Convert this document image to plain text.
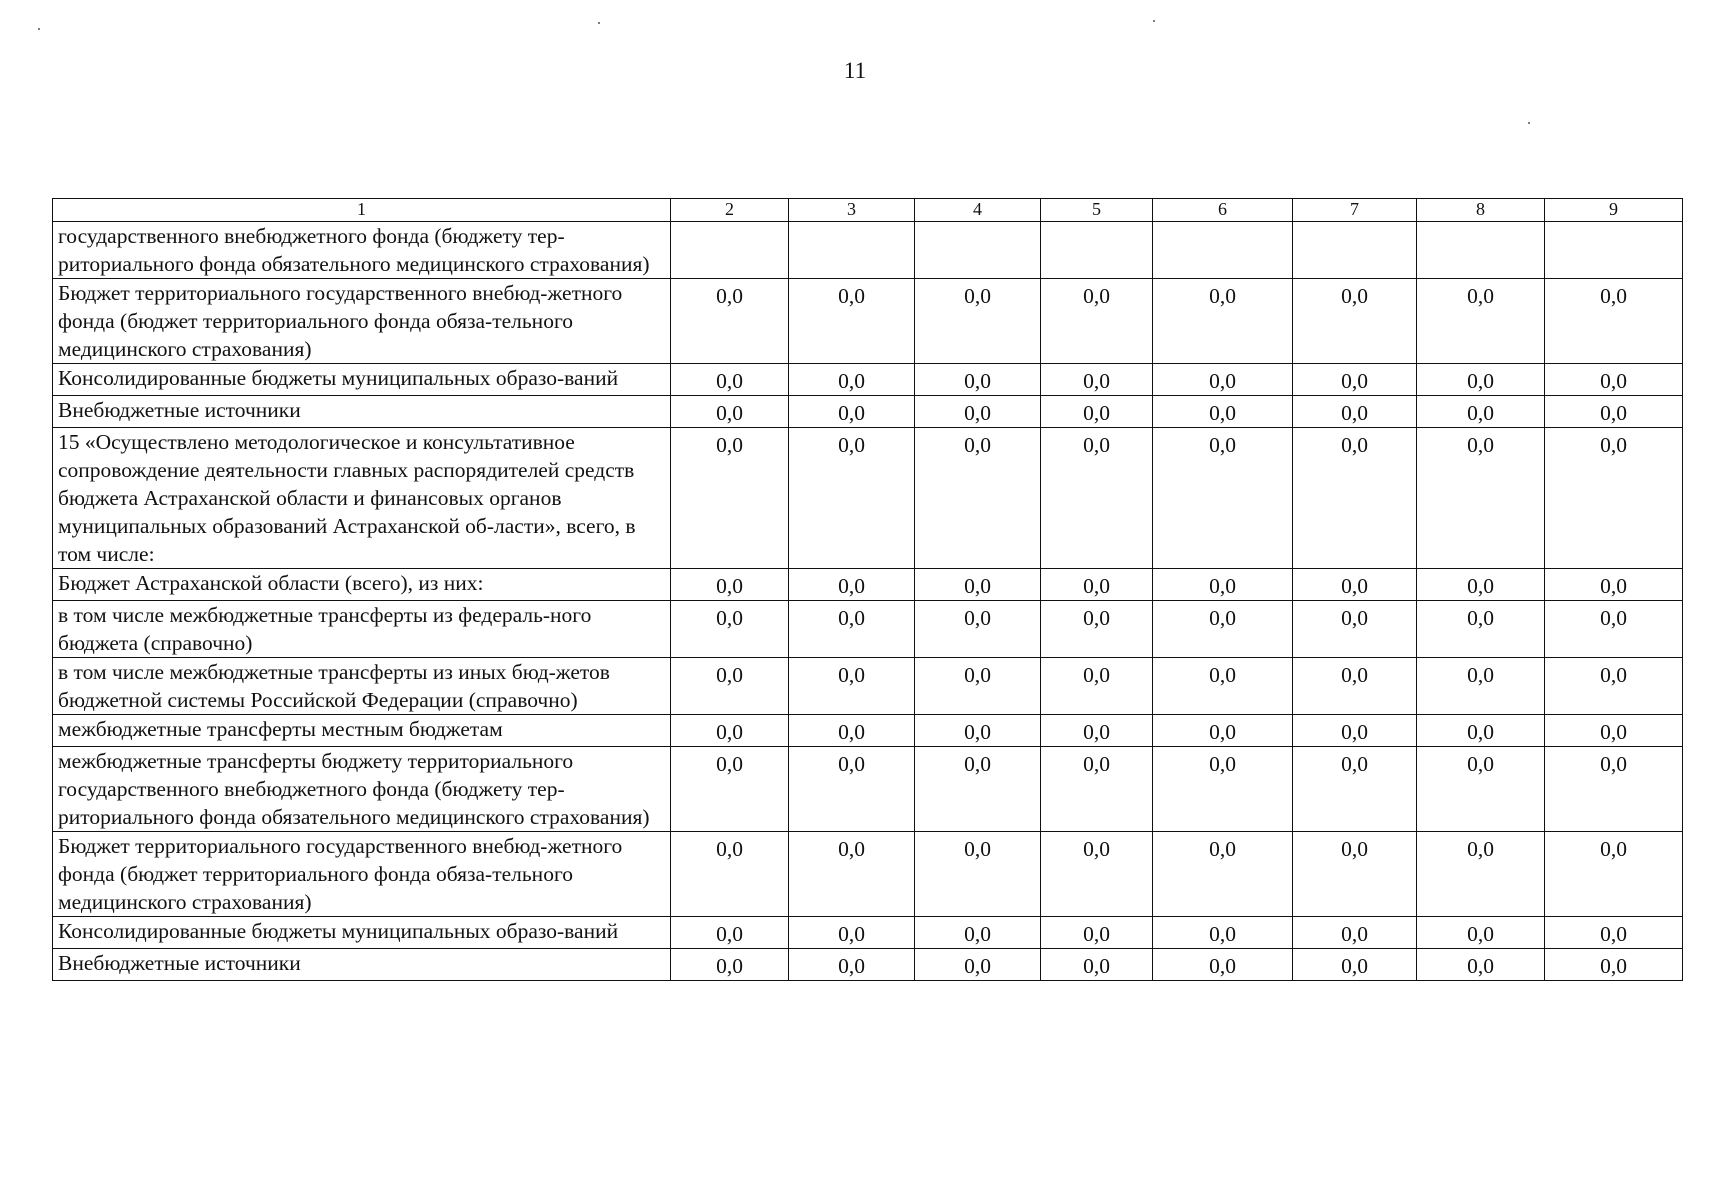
11
1	2	3	4	5	6	7	8	9
государственного внебюджетного фонда (бюджету тер-риториального фонда обязательного медицинского страхования)								
Бюджет территориального государственного внебюд-жетного фонда (бюджет территориального фонда обяза-тельного медицинского страхования)	0,0	0,0	0,0	0,0	0,0	0,0	0,0	0,0
Консолидированные бюджеты муниципальных образо-ваний	0,0	0,0	0,0	0,0	0,0	0,0	0,0	0,0
Внебюджетные источники	0,0	0,0	0,0	0,0	0,0	0,0	0,0	0,0
15 «Осуществлено методологическое и консультативное сопровождение деятельности главных распорядителей средств бюджета Астраханской области и финансовых органов муниципальных образований Астраханской об-ласти», всего, в том числе:	0,0	0,0	0,0	0,0	0,0	0,0	0,0	0,0
Бюджет Астраханской области (всего), из них:	0,0	0,0	0,0	0,0	0,0	0,0	0,0	0,0
в том числе межбюджетные трансферты из федераль-ного бюджета (справочно)	0,0	0,0	0,0	0,0	0,0	0,0	0,0	0,0
в том числе межбюджетные трансферты из иных бюд-жетов бюджетной системы Российской Федерации (справочно)	0,0	0,0	0,0	0,0	0,0	0,0	0,0	0,0
межбюджетные трансферты местным бюджетам	0,0	0,0	0,0	0,0	0,0	0,0	0,0	0,0
межбюджетные трансферты бюджету территориального государственного внебюджетного фонда (бюджету тер-риториального фонда обязательного медицинского страхования)	0,0	0,0	0,0	0,0	0,0	0,0	0,0	0,0
Бюджет территориального государственного внебюд-жетного фонда (бюджет территориального фонда обяза-тельного медицинского страхования)	0,0	0,0	0,0	0,0	0,0	0,0	0,0	0,0
Консолидированные бюджеты муниципальных образо-ваний	0,0	0,0	0,0	0,0	0,0	0,0	0,0	0,0
Внебюджетные источники	0,0	0,0	0,0	0,0	0,0	0,0	0,0	0,0
